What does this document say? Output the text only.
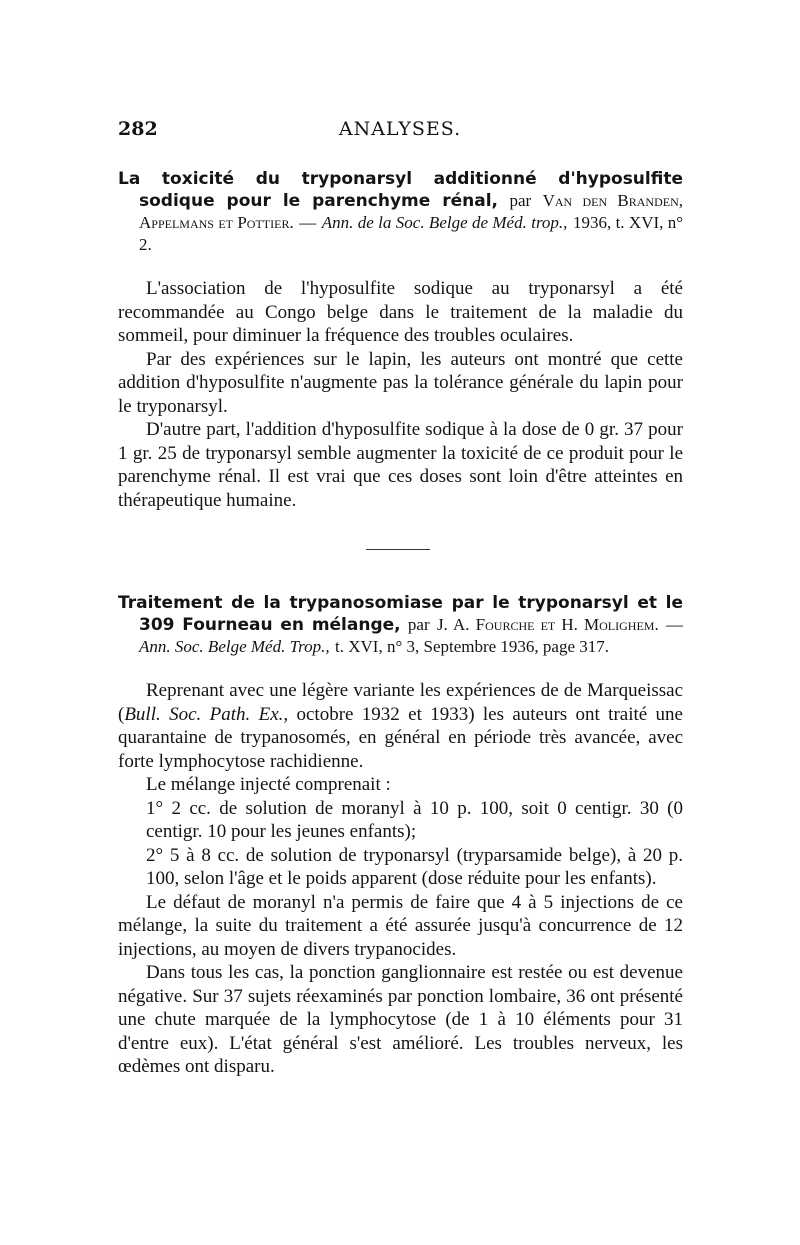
282	ANALYSES.
La toxicité du tryponarsyl additionné d'hyposulfite sodique pour le parenchyme rénal, par Van den Branden, Appelmans et Pottier. — Ann. de la Soc. Belge de Méd. trop., 1936, t. XVI, n° 2.

L'association de l'hyposulfite sodique au tryponarsyl a été recommandée au Congo belge dans le traitement de la maladie du sommeil, pour diminuer la fréquence des troubles oculaires.

Par des expériences sur le lapin, les auteurs ont montré que cette addition d'hyposulfite n'augmente pas la tolérance générale du lapin pour le tryponarsyl.

D'autre part, l'addition d'hyposulfite sodique à la dose de 0 gr. 37 pour 1 gr. 25 de tryponarsyl semble augmenter la toxicité de ce produit pour le parenchyme rénal. Il est vrai que ces doses sont loin d'être atteintes en thérapeutique humaine.

Traitement de la trypanosomiase par le tryponarsyl et le 309 Fourneau en mélange, par J. A. Fourche et H. Molighem. — Ann. Soc. Belge Méd. Trop., t. XVI, n° 3, Septembre 1936, page 317.

Reprenant avec une légère variante les expériences de de Marqueissac (Bull. Soc. Path. Ex., octobre 1932 et 1933) les auteurs ont traité une quarantaine de trypanosomés, en général en période très avancée, avec forte lymphocytose rachidienne.

Le mélange injecté comprenait :

1° 2 cc. de solution de moranyl à 10 p. 100, soit 0 centigr. 30 (0 centigr. 10 pour les jeunes enfants);

2° 5 à 8 cc. de solution de tryponarsyl (tryparsamide belge), à 20 p. 100, selon l'âge et le poids apparent (dose réduite pour les enfants).

Le défaut de moranyl n'a permis de faire que 4 à 5 injections de ce mélange, la suite du traitement a été assurée jusqu'à concurrence de 12 injections, au moyen de divers trypanocides.

Dans tous les cas, la ponction ganglionnaire est restée ou est devenue négative. Sur 37 sujets réexaminés par ponction lombaire, 36 ont présenté une chute marquée de la lymphocytose (de 1 à 10 éléments pour 31 d'entre eux). L'état général s'est amélioré. Les troubles nerveux, les œdèmes ont disparu.
